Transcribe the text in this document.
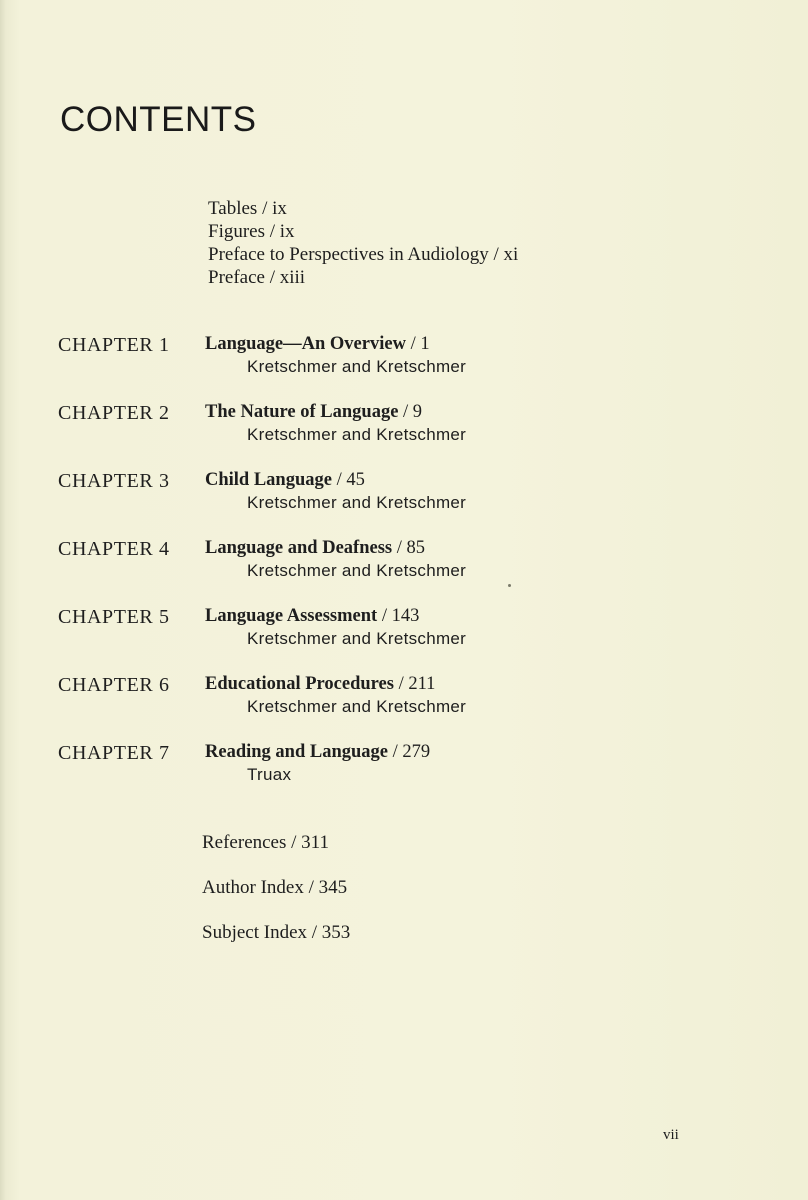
CONTENTS
Tables / ix
Figures / ix
Preface to Perspectives in Audiology / xi
Preface / xiii
CHAPTER 1 Language—An Overview / 1
Kretschmer and Kretschmer
CHAPTER 2 The Nature of Language / 9
Kretschmer and Kretschmer
CHAPTER 3 Child Language / 45
Kretschmer and Kretschmer
CHAPTER 4 Language and Deafness / 85
Kretschmer and Kretschmer
CHAPTER 5 Language Assessment / 143
Kretschmer and Kretschmer
CHAPTER 6 Educational Procedures / 211
Kretschmer and Kretschmer
CHAPTER 7 Reading and Language / 279
Truax
References / 311
Author Index / 345
Subject Index / 353
vii
